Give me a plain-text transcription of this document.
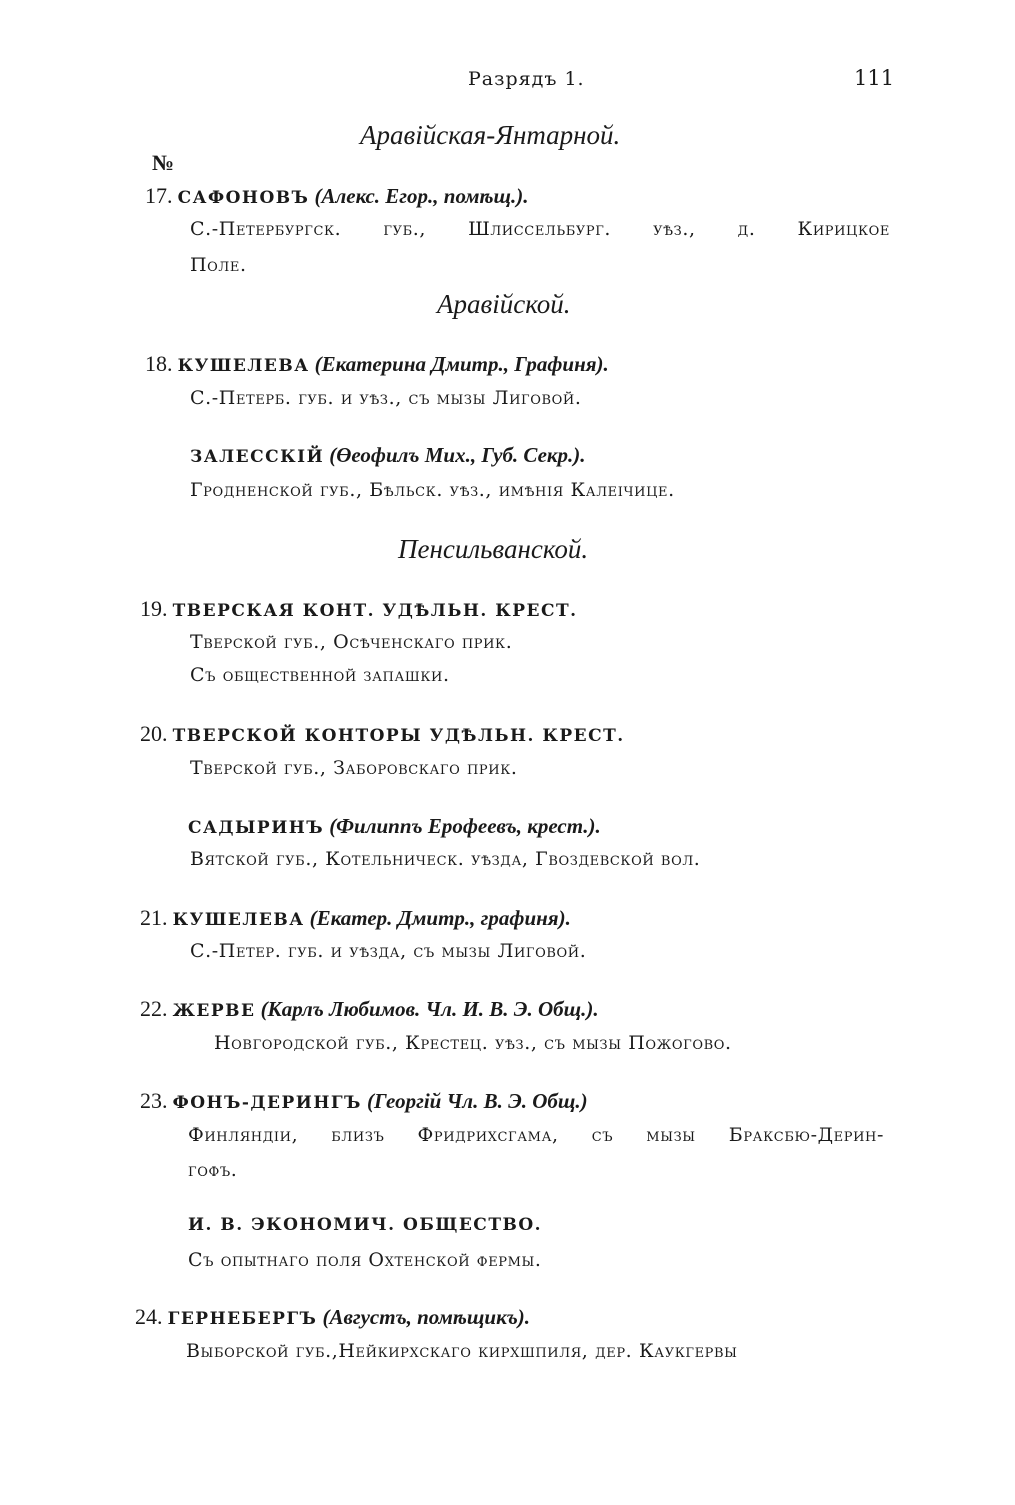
Разрядъ 1.	111
Аравійская-Янтарной.
№
17. САФОНОВЪ (Алекс. Егор., помѣщ.).
С.-Петербургск. губ., Шлиссельбург. уѣз., д. Кирицкое
Поле.
Аравійской.
18. КУШЕЛЕВА (Екатерина Дмитр., Графиня).
С.-Петерб. губ. и уѣз., съ мызы Лиговой.
ЗАЛЕССКІЙ (Өеофилъ Мих., Губ. Секр.).
Гродненской губ., Бѣльск. уѣз., имѣнія Калеічице.
Пенсильванской.
19. ТВЕРСКАЯ КОНТ. УДѢЛЬН. КРЕСТ.
Тверской губ., Осѣченскаго прик.
Съ общественной запашки.
20. ТВЕРСКОЙ КОНТОРЫ УДѢЛЬН. КРЕСТ.
Тверской губ., Заборовскаго прик.
САДЫРИНЪ (Филиппъ Ерофеевъ, крест.).
Вятской губ., Котельническ. уѣзда, Гвоздевской вол.
21. КУШЕЛЕВА (Екатер. Дмитр., графиня).
С.-Петер. губ. и уѣзда, съ мызы Лиговой.
22. ЖЕРВЕ (Карлъ Любимов. Чл. И. В. Э. Общ.).
Новгородской губ., Крестец. уѣз., съ мызы Пожогово.
23. ФОНЪ-ДЕРИНГЪ (Георгій Чл. В. Э. Общ.)
Финляндіи, близъ Фридрихсгама, съ мызы Браксбю-Дерин-
гофъ.
И. В. ЭКОНОМИЧ. ОБЩЕСТВО.
Съ опытнаго поля Охтенской фермы.
24. ГЕРНЕБЕРГЪ (Августъ, помѣщикъ).
Выборской губ.,Нейкирхскаго кирхшпиля, дер. Каукгервы
